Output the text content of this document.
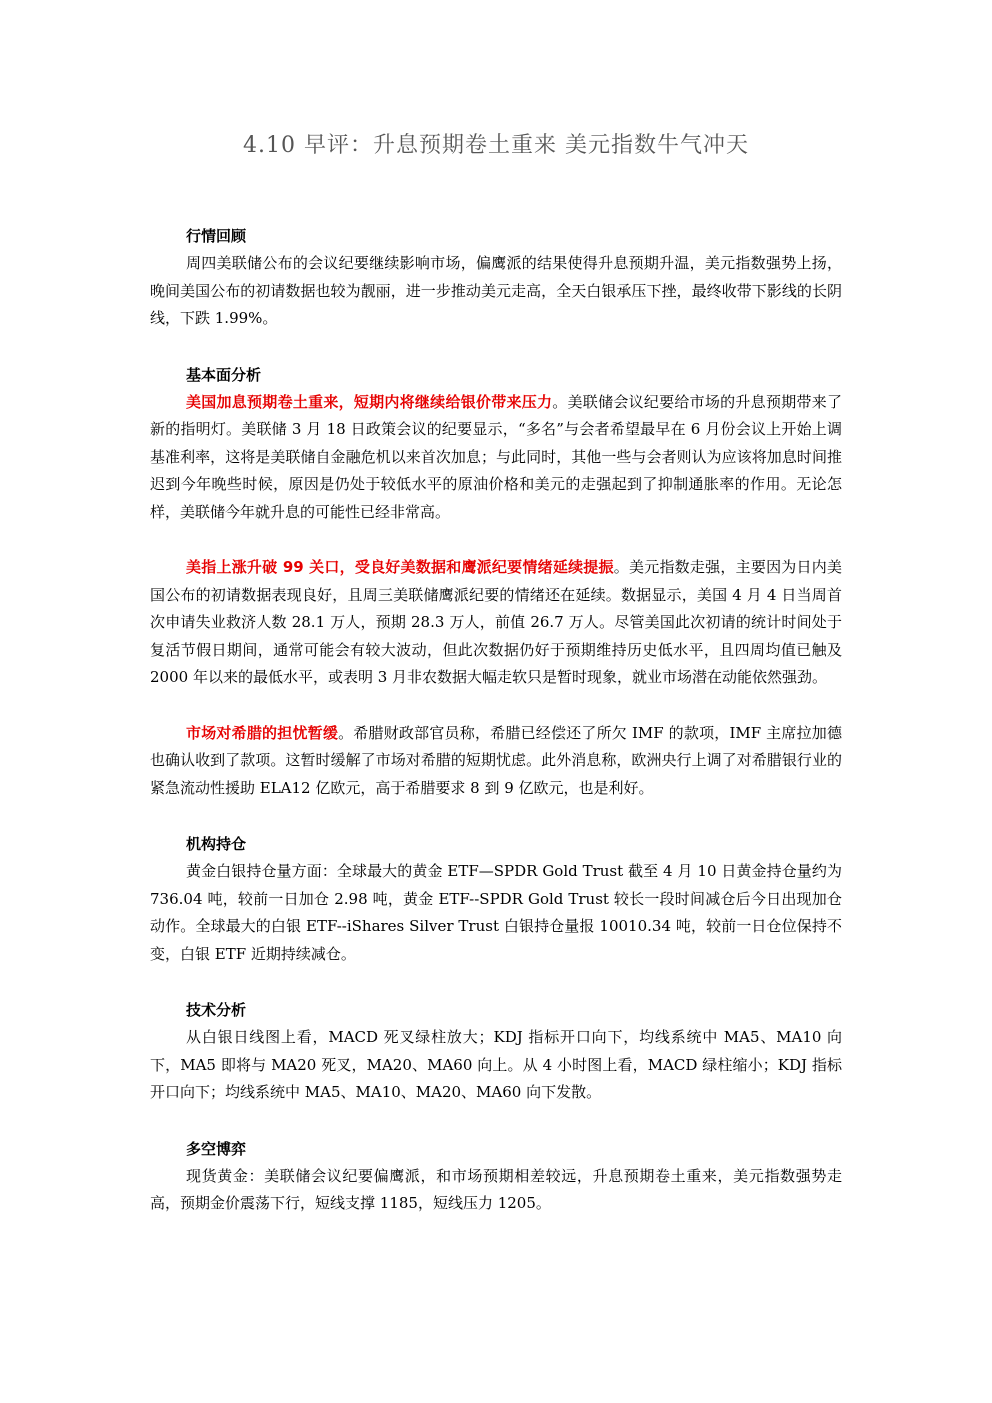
4.10 早评：升息预期卷土重来 美元指数牛气冲天
行情回顾

周四美联储公布的会议纪要继续影响市场，偏鹰派的结果使得升息预期升温，美元指数强势上扬，晚间美国公布的初请数据也较为靓丽，进一步推动美元走高，全天白银承压下挫，最终收带下影线的长阴线，下跌 1.99%。

基本面分析

美国加息预期卷土重来，短期内将继续给银价带来压力。美联储会议纪要给市场的升息预期带来了新的指明灯。美联储 3 月 18 日政策会议的纪要显示，“多名”与会者希望最早在 6 月份会议上开始上调基准利率，这将是美联储自金融危机以来首次加息；与此同时，其他一些与会者则认为应该将加息时间推迟到今年晚些时候，原因是仍处于较低水平的原油价格和美元的走强起到了抑制通胀率的作用。无论怎样，美联储今年就升息的可能性已经非常高。

美指上涨升破 99 关口，受良好美数据和鹰派纪要情绪延续提振。美元指数走强，主要因为日内美国公布的初请数据表现良好，且周三美联储鹰派纪要的情绪还在延续。数据显示，美国 4 月 4 日当周首次申请失业救济人数 28.1 万人，预期 28.3 万人，前值 26.7 万人。尽管美国此次初请的统计时间处于复活节假日期间，通常可能会有较大波动，但此次数据仍好于预期维持历史低水平，且四周均值已触及 2000 年以来的最低水平，或表明 3 月非农数据大幅走软只是暂时现象，就业市场潜在动能依然强劲。

市场对希腊的担忧暂缓。希腊财政部官员称，希腊已经偿还了所欠 IMF 的款项，IMF 主席拉加德也确认收到了款项。这暂时缓解了市场对希腊的短期忧虑。此外消息称，欧洲央行上调了对希腊银行业的紧急流动性援助 ELA12 亿欧元，高于希腊要求 8 到 9 亿欧元，也是利好。

机构持仓

黄金白银持仓量方面：全球最大的黄金 ETF—SPDR Gold Trust 截至 4 月 10 日黄金持仓量约为 736.04 吨，较前一日加仓 2.98 吨，黄金 ETF--SPDR Gold Trust 较长一段时间减仓后今日出现加仓动作。全球最大的白银 ETF--iShares Silver Trust 白银持仓量报 10010.34 吨，较前一日仓位保持不变，白银 ETF 近期持续减仓。

技术分析

从白银日线图上看，MACD 死叉绿柱放大；KDJ 指标开口向下，均线系统中 MA5、MA10 向下，MA5 即将与 MA20 死叉，MA20、MA60 向上。从 4 小时图上看，MACD 绿柱缩小；KDJ 指标开口向下；均线系统中 MA5、MA10、MA20、MA60 向下发散。

多空博弈

现货黄金：美联储会议纪要偏鹰派，和市场预期相差较远，升息预期卷土重来，美元指数强势走高，预期金价震荡下行，短线支撑 1185，短线压力 1205。
